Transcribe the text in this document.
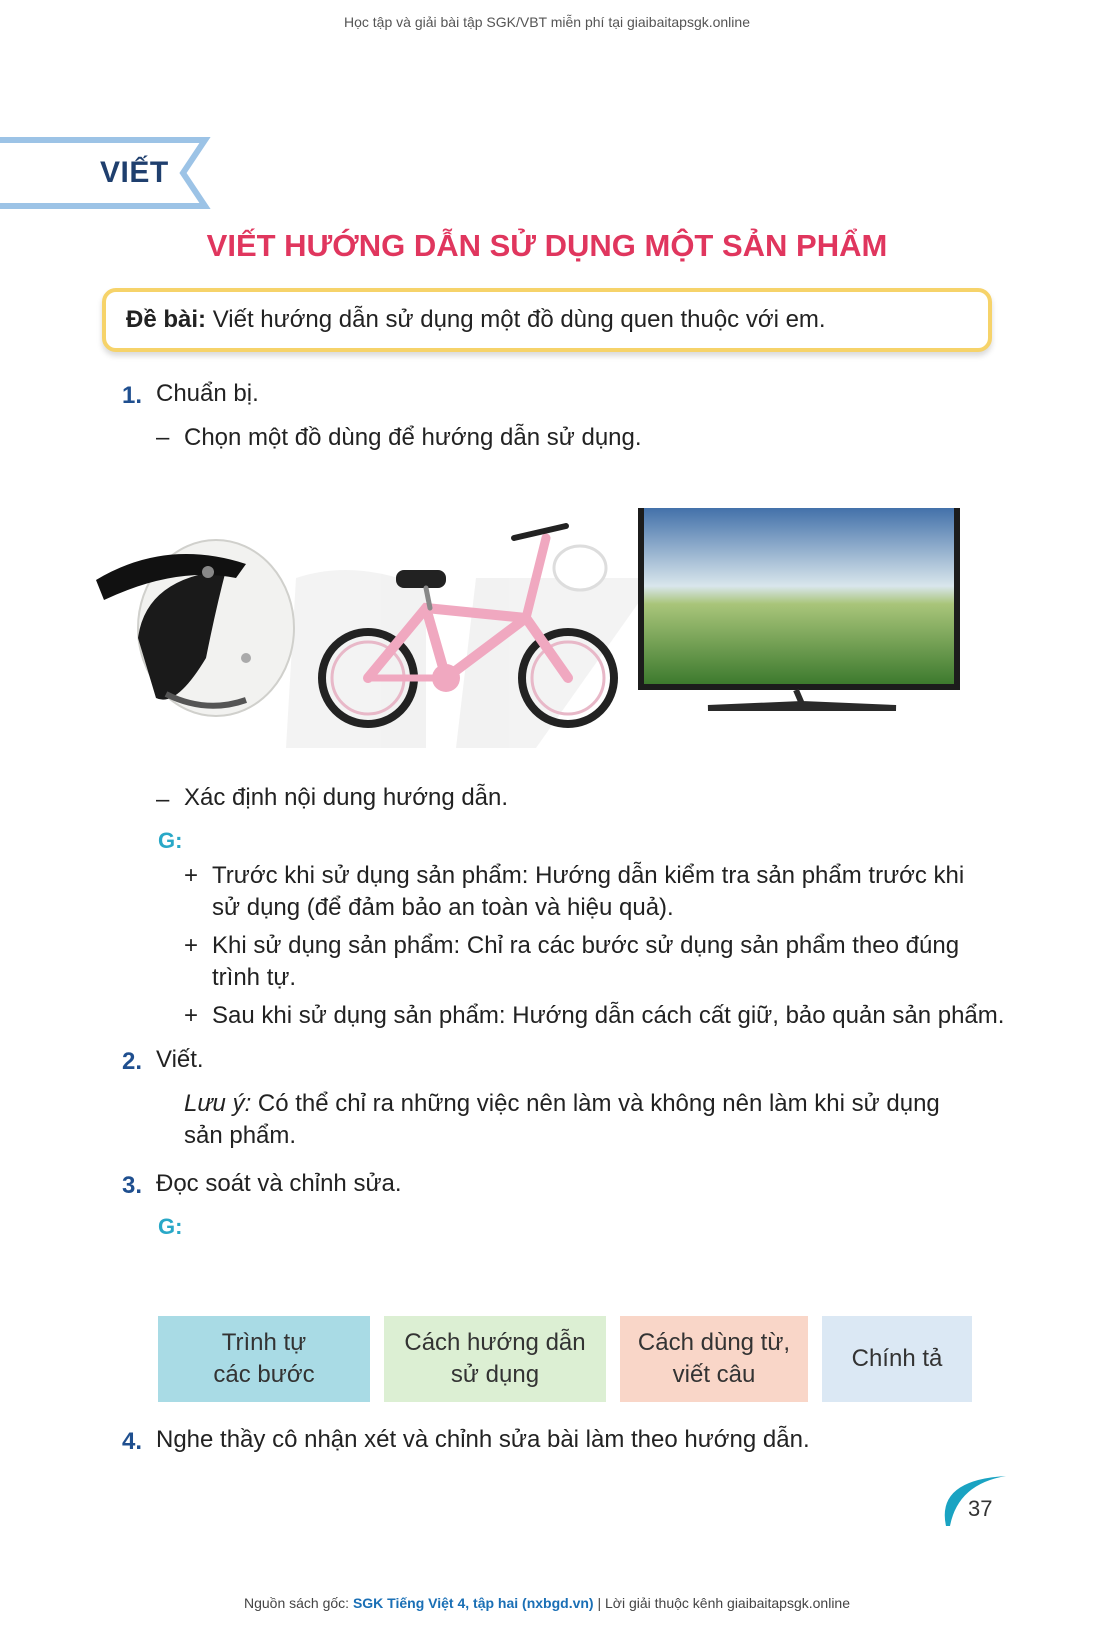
Học tập và giải bài tập SGK/VBT miễn phí tại giaibaitapsgk.online
VIẾT
VIẾT HƯỚNG DẪN SỬ DỤNG MỘT SẢN PHẨM
Đề bài: Viết hướng dẫn sử dụng một đồ dùng quen thuộc với em.
1. Chuẩn bị.
– Chọn một đồ dùng để hướng dẫn sử dụng.
– Xác định nội dung hướng dẫn.
G:
+ Trước khi sử dụng sản phẩm: Hướng dẫn kiểm tra sản phẩm trước khi
sử dụng (để đảm bảo an toàn và hiệu quả).
+ Khi sử dụng sản phẩm: Chỉ ra các bước sử dụng sản phẩm theo đúng
trình tự.
+ Sau khi sử dụng sản phẩm: Hướng dẫn cách cất giữ, bảo quản sản phẩm.
2. Viết.
Lưu ý: Có thể chỉ ra những việc nên làm và không nên làm khi sử dụng
sản phẩm.
3. Đọc soát và chỉnh sửa.
G:
Trình tự
các bước
Cách hướng dẫn
sử dụng
Cách dùng từ,
viết câu
Chính tả
4. Nghe thầy cô nhận xét và chỉnh sửa bài làm theo hướng dẫn.
37
Nguồn sách gốc: SGK Tiếng Việt 4, tập hai (nxbgd.vn) | Lời giải thuộc kênh giaibaitapsgk.online
